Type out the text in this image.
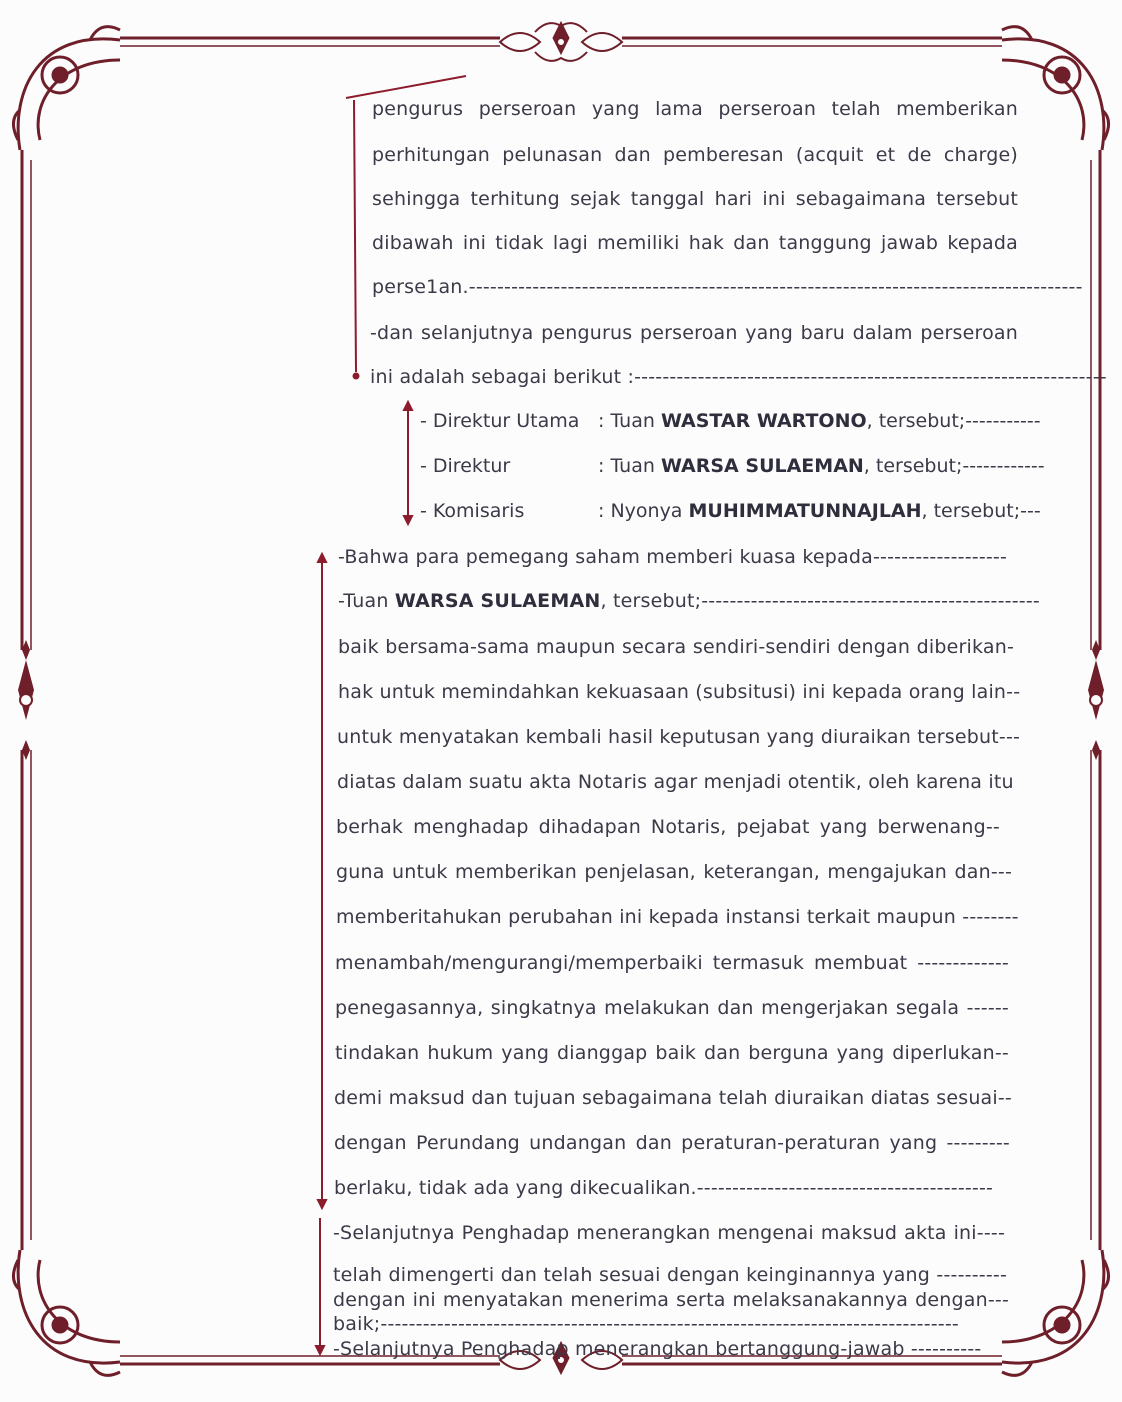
pengurus perseroan yang lama perseroan telah memberikan
perhitungan pelunasan dan pemberesan (acquit et de charge)
sehingga terhitung sejak tanggal hari ini sebagaimana tersebut
dibawah ini tidak lagi memiliki hak dan tanggung jawab kepada
perse1an.---------------------------------------------------------------------------------------
-dan selanjutnya pengurus perseroan yang baru dalam perseroan
ini adalah sebagai berikut :-------------------------------------------------------------------
- Direktur Utama : Tuan WASTAR WARTONO, tersebut;-----------
- Direktur	: Tuan WARSA SULAEMAN, tersebut;------------
- Komisaris	: Nyonya MUHIMMATUNNAJLAH, tersebut;---
-Bahwa para pemegang saham memberi kuasa kepada-------------------
-Tuan WARSA SULAEMAN, tersebut;------------------------------------------------
baik bersama-sama maupun secara sendiri-sendiri dengan diberikan-
hak untuk memindahkan kekuasaan (subsitusi) ini kepada orang lain--
untuk menyatakan kembali hasil keputusan yang diuraikan tersebut---
diatas dalam suatu akta Notaris agar menjadi otentik, oleh karena itu
berhak menghadap dihadapan Notaris, pejabat yang berwenang--
guna untuk memberikan penjelasan, keterangan, mengajukan dan---
memberitahukan perubahan ini kepada instansi terkait maupun --------
menambah/mengurangi/memperbaiki termasuk membuat -------------
penegasannya, singkatnya melakukan dan mengerjakan segala ------
tindakan hukum yang dianggap baik dan berguna yang diperlukan--
demi maksud dan tujuan sebagaimana telah diuraikan diatas sesuai--
dengan Perundang undangan dan peraturan-peraturan yang ---------
berlaku, tidak ada yang dikecualikan.------------------------------------------
-Selanjutnya Penghadap menerangkan mengenai maksud akta ini----
telah dimengerti dan telah sesuai dengan keinginannya yang ----------
dengan ini menyatakan menerima serta melaksanakannya dengan---
baik;----------------------------------------------------------------------------------
-Selanjutnya Penghadap menerangkan bertanggung-jawab ----------
